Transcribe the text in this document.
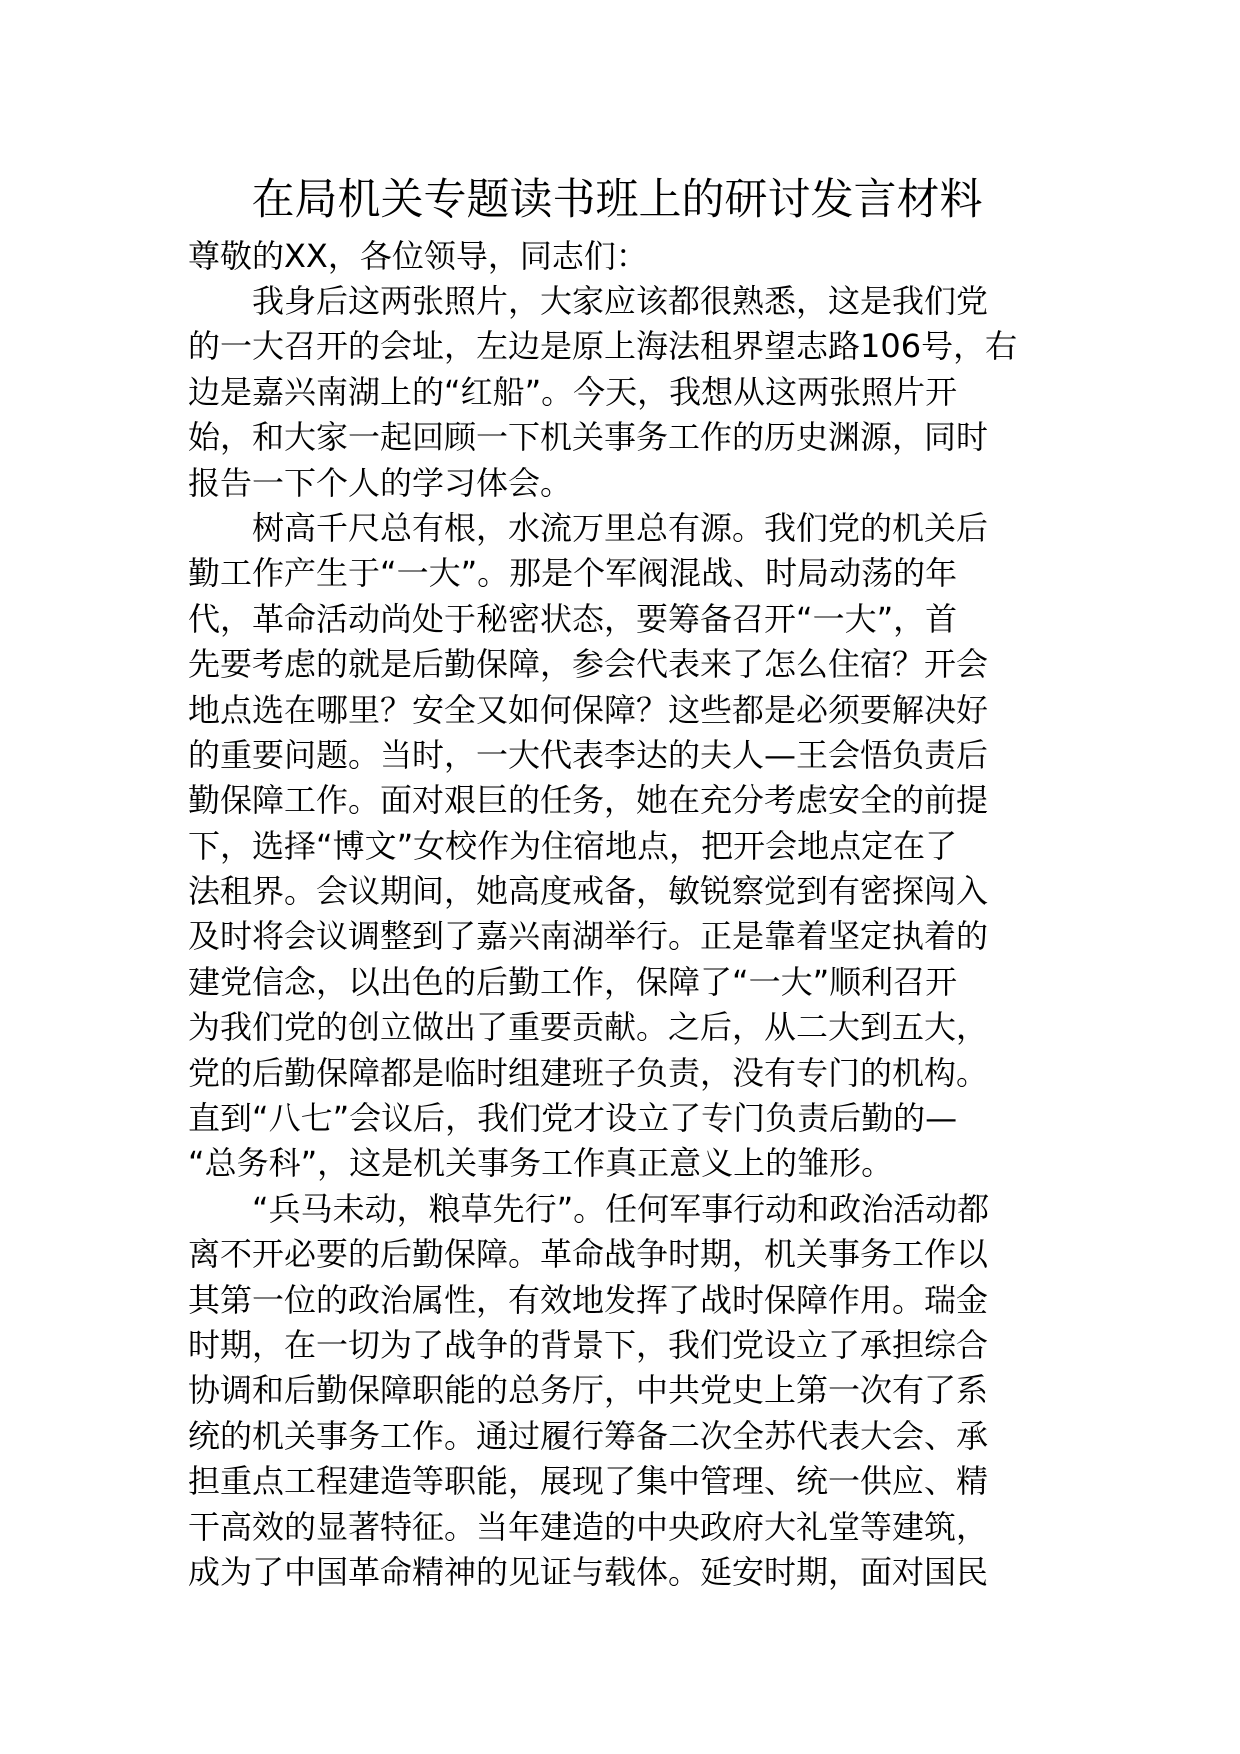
在局机关专题读书班上的研讨发言材料

尊敬的XX，各位领导，同志们：

我身后这两张照片，大家应该都很熟悉，这是我们党
的一大召开的会址，左边是原上海法租界望志路106号，右
边是嘉兴南湖上的“红船”。今天，我想从这两张照片开
始，和大家一起回顾一下机关事务工作的历史渊源，同时
报告一下个人的学习体会。
树高千尺总有根，水流万里总有源。我们党的机关后
勤工作产生于“一大”。那是个军阀混战、时局动荡的年
代，革命活动尚处于秘密状态，要筹备召开“一大”，首
先要考虑的就是后勤保障，参会代表来了怎么住宿？开会
地点选在哪里？安全又如何保障？这些都是必须要解决好
的重要问题。当时，一大代表李达的夫人—王会悟负责后
勤保障工作。面对艰巨的任务，她在充分考虑安全的前提
下，选择“博文”女校作为住宿地点，把开会地点定在了
法租界。会议期间，她高度戒备，敏锐察觉到有密探闯入
及时将会议调整到了嘉兴南湖举行。正是靠着坚定执着的
建党信念，以出色的后勤工作，保障了“一大”顺利召开
为我们党的创立做出了重要贡献。之后，从二大到五大，
党的后勤保障都是临时组建班子负责，没有专门的机构。
直到“八七”会议后，我们党才设立了专门负责后勤的—
“总务科”，这是机关事务工作真正意义上的雏形。
“兵马未动，粮草先行”。任何军事行动和政治活动都
离不开必要的后勤保障。革命战争时期，机关事务工作以
其第一位的政治属性，有效地发挥了战时保障作用。瑞金
时期，在一切为了战争的背景下，我们党设立了承担综合
协调和后勤保障职能的总务厅，中共党史上第一次有了系
统的机关事务工作。通过履行筹备二次全苏代表大会、承
担重点工程建造等职能，展现了集中管理、统一供应、精
干高效的显著特征。当年建造的中央政府大礼堂等建筑，
成为了中国革命精神的见证与载体。延安时期，面对国民
